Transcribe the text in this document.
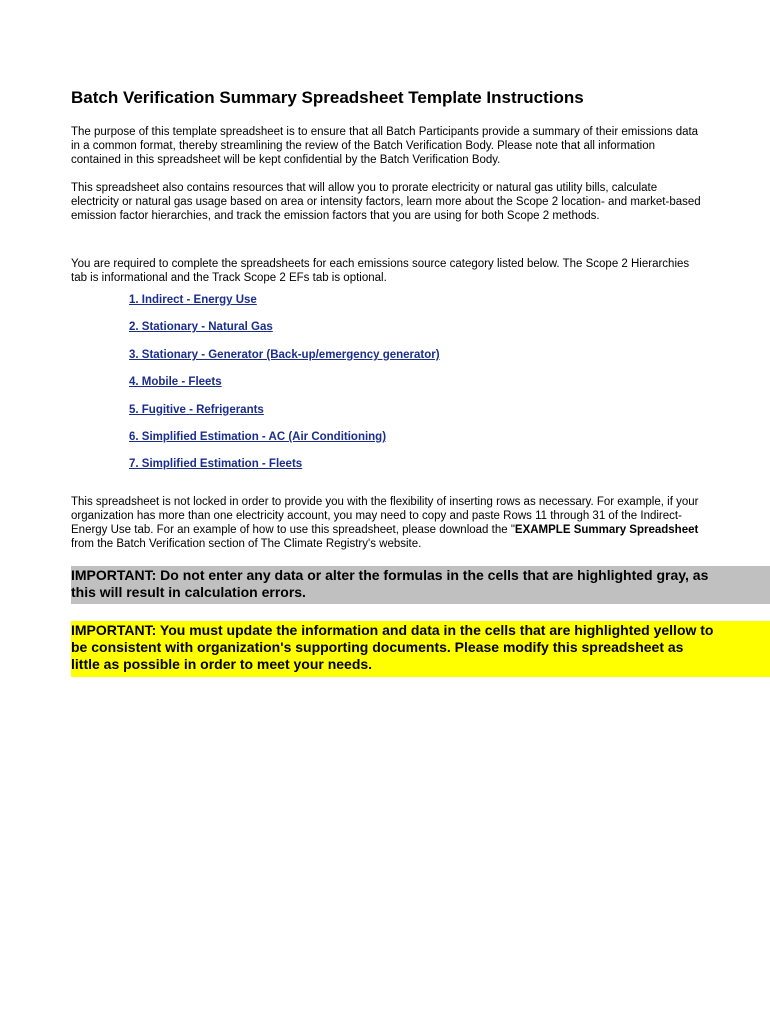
Batch Verification Summary Spreadsheet Template Instructions

The purpose of this template spreadsheet is to ensure that all Batch Participants provide a summary of their emissions data
in a common format, thereby streamlining the review of the Batch Verification Body. Please note that all information
contained in this spreadsheet will be kept confidential by the Batch Verification Body.

This spreadsheet also contains resources that will allow you to prorate electricity or natural gas utility bills, calculate
electricity or natural gas usage based on area or intensity factors, learn more about the Scope 2 location- and market-based
emission factor hierarchies, and track the emission factors that you are using for both Scope 2 methods.

You are required to complete the spreadsheets for each emissions source category listed below. The Scope 2 Hierarchies
tab is informational and the Track Scope 2 EFs tab is optional.

1. Indirect - Energy Use
2. Stationary - Natural Gas
3. Stationary - Generator (Back-up/emergency generator)
4. Mobile - Fleets
5. Fugitive - Refrigerants
6. Simplified Estimation - AC (Air Conditioning)
7. Simplified Estimation - Fleets

This spreadsheet is not locked in order to provide you with the flexibility of inserting rows as necessary. For example, if your
organization has more than one electricity account, you may need to copy and paste Rows 11 through 31 of the Indirect-
Energy Use tab. For an example of how to use this spreadsheet, please download the "EXAMPLE Summary Spreadsheet
from the Batch Verification section of The Climate Registry's website.

IMPORTANT: Do not enter any data or alter the formulas in the cells that are highlighted gray, as
this will result in calculation errors.
IMPORTANT: You must update the information and data in the cells that are highlighted yellow to
be consistent with organization's supporting documents. Please modify this spreadsheet as
little as possible in order to meet your needs.
